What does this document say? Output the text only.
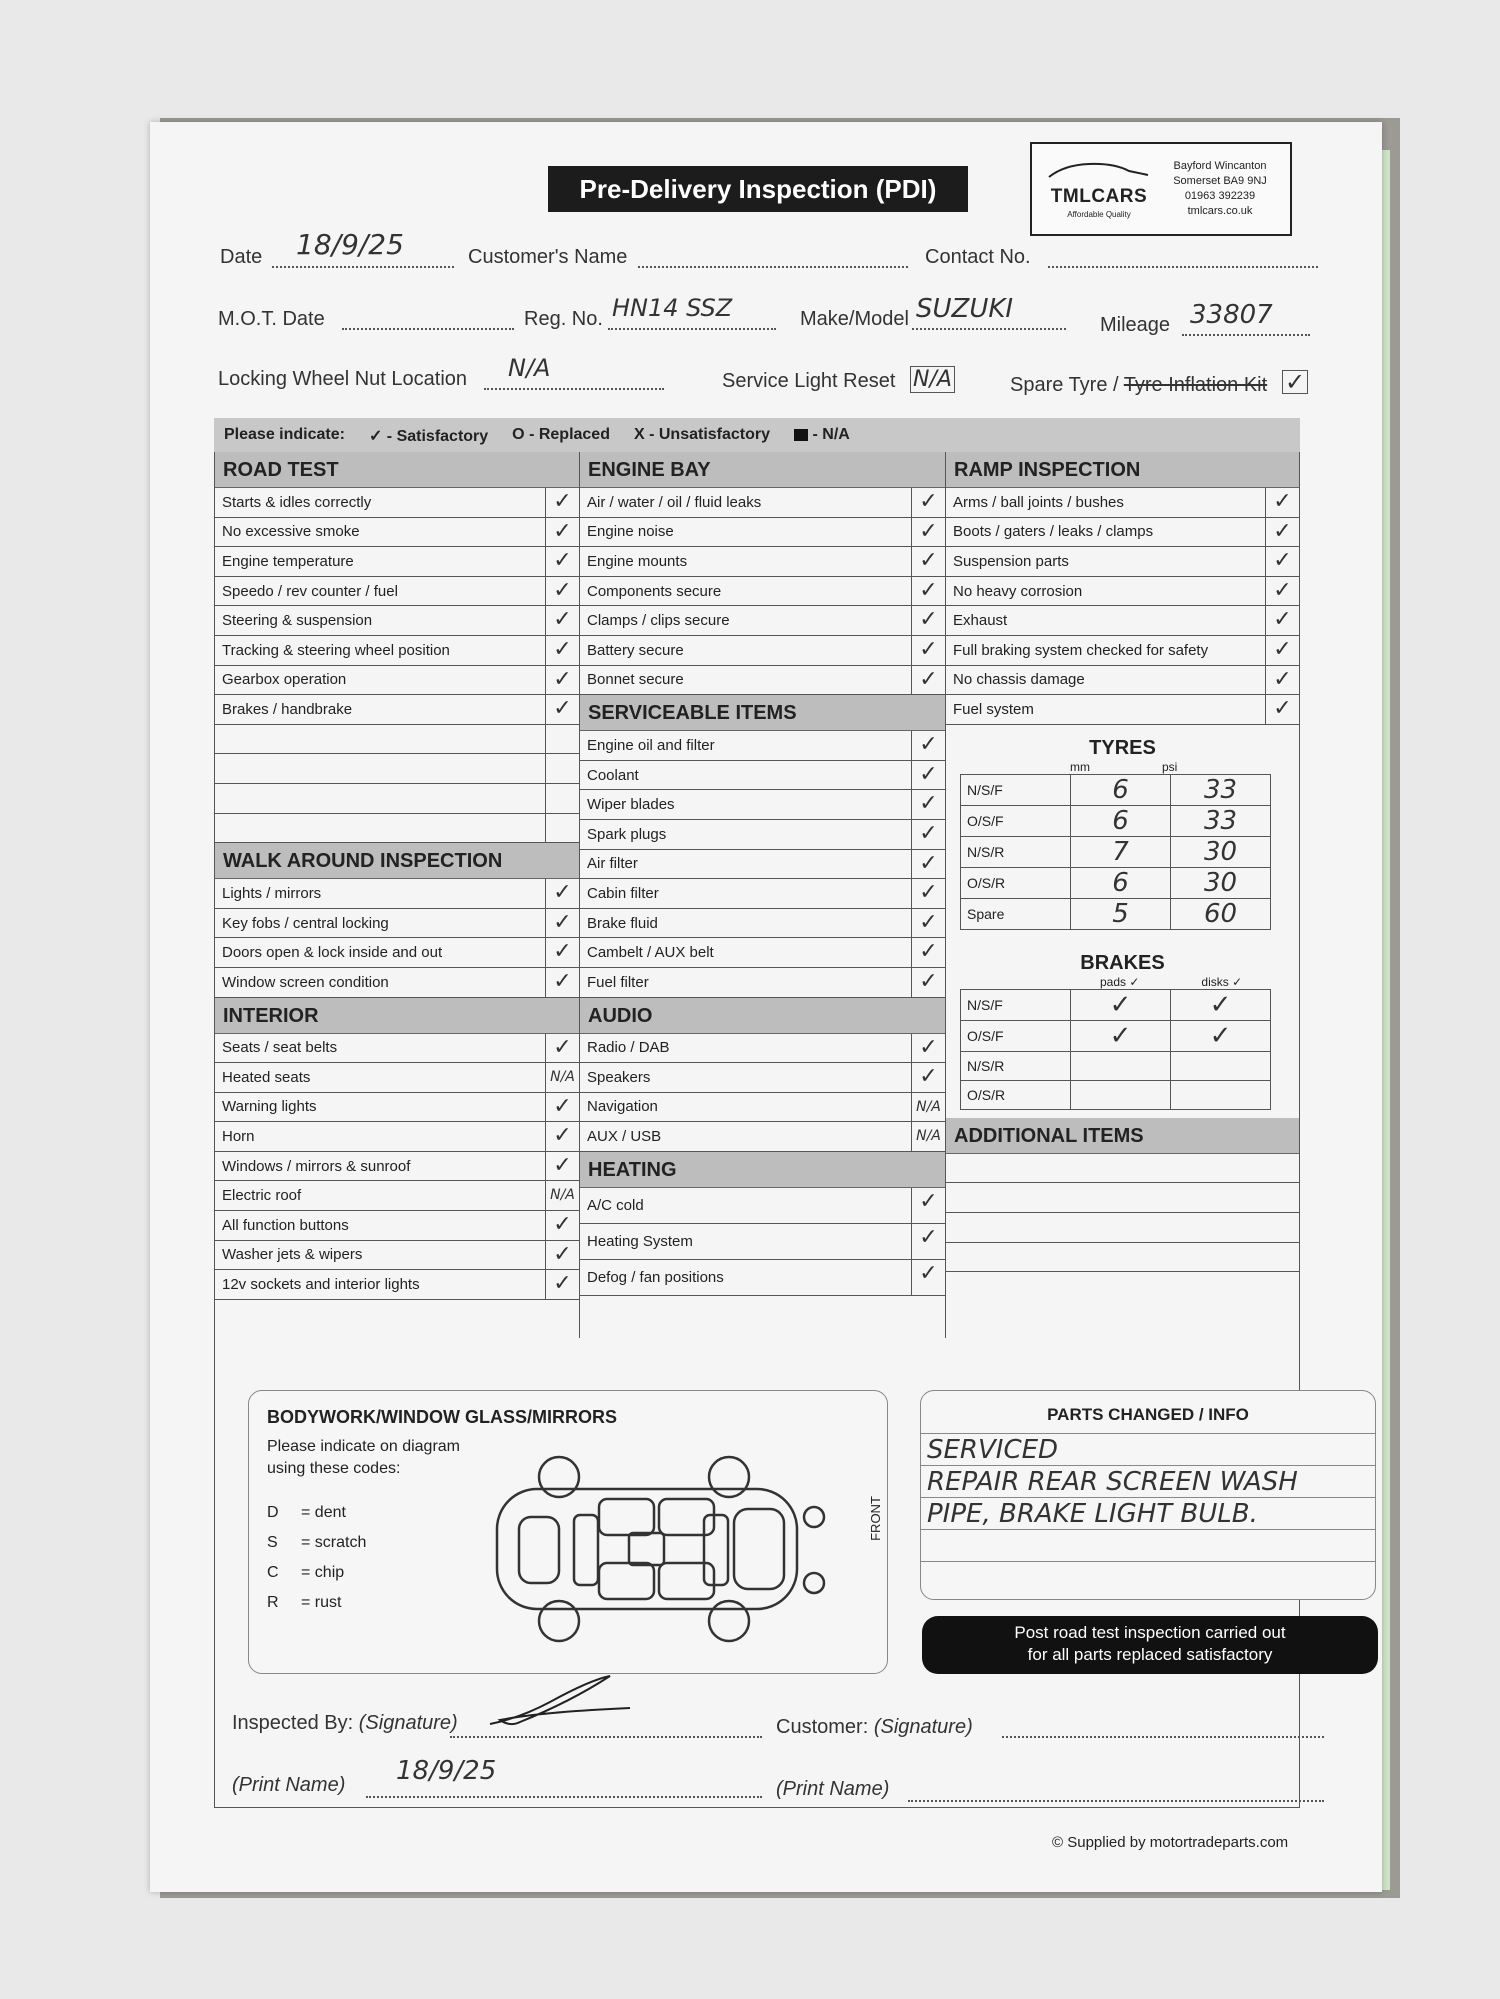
Pre-Delivery Inspection (PDI)	TMLCARS
Affordable Quality
Bayford Wincanton
Somerset BA9 9NJ
01963 392239
tmlcars.co.uk
Date	18/9/25	Customer's Name	Contact No.
M.O.T. Date	Reg. No. HN14 SSZ	Make/Model SUZUKI
Mileage 33807
Locking Wheel Nut Location	N/A	Service Light Reset N/A	Spare Tyre / Tyre Inflation Kit ✓
Please indicate: ✓ - Satisfactory O - Replaced X - Unsatisfactory	- N/A
ROAD TEST
Starts & idles correctly	✓
No excessive smoke	✓
Engine temperature	✓
Speedo / rev counter / fuel	✓
Steering & suspension	✓
Tracking & steering wheel position	✓
Gearbox operation	✓
Brakes / handbrake	✓
WALK AROUND INSPECTION
Lights / mirrors	✓
Key fobs / central locking	✓
Doors open & lock inside and out	✓
Window screen condition	✓
INTERIOR
Seats / seat belts	✓
Heated seats	N/A
Warning lights	✓
Horn	✓
Windows / mirrors & sunroof	✓
Electric roof	N/A
All function buttons	✓
Washer jets & wipers	✓
12v sockets and interior lights	✓
ENGINE BAY
Air / water / oil / fluid leaks	✓
Engine noise	✓
Engine mounts	✓
Components secure	✓
Clamps / clips secure	✓
Battery secure	✓
Bonnet secure	✓
SERVICEABLE ITEMS
Engine oil and filter	✓
Coolant	✓
Wiper blades	✓
Spark plugs	✓
Air filter	✓
Cabin filter	✓
Brake fluid	✓
Cambelt / AUX belt	✓
Fuel filter	✓
AUDIO
Radio / DAB	✓
Speakers	✓
Navigation	N/A
AUX / USB	N/A
HEATING
A/C cold	✓
Heating System	✓
Defog / fan positions	✓
RAMP INSPECTION
Arms / ball joints / bushes	✓
Boots / gaters / leaks / clamps	✓
Suspension parts	✓
No heavy corrosion	✓
Exhaust	✓
Full braking system checked for safety	✓
No chassis damage	✓
Fuel system	✓
TYRES
mm	psi
N/S/F	6	33
O/S/F	6	33
N/S/R	7	30
O/S/R	6	30
Spare	5	60
BRAKES
pads ✓	disks ✓
N/S/F	✓	✓
O/S/F	✓	✓
N/S/R		
O/S/R		
ADDITIONAL ITEMS
BODYWORK/WINDOW GLASS/MIRRORS
Please indicate on diagram
using these codes:
D = dent
S = scratch
C = chip
R = rust
FRONT
PARTS CHANGED / INFO
SERVICED
REPAIR REAR SCREEN WASH
PIPE, BRAKE LIGHT BULB.
Post road test inspection carried out
for all parts replaced satisfactory
Inspected By: (Signature)	Customer: (Signature)
(Print Name)	18/9/25
(Print Name)
© Supplied by motortradeparts.com
